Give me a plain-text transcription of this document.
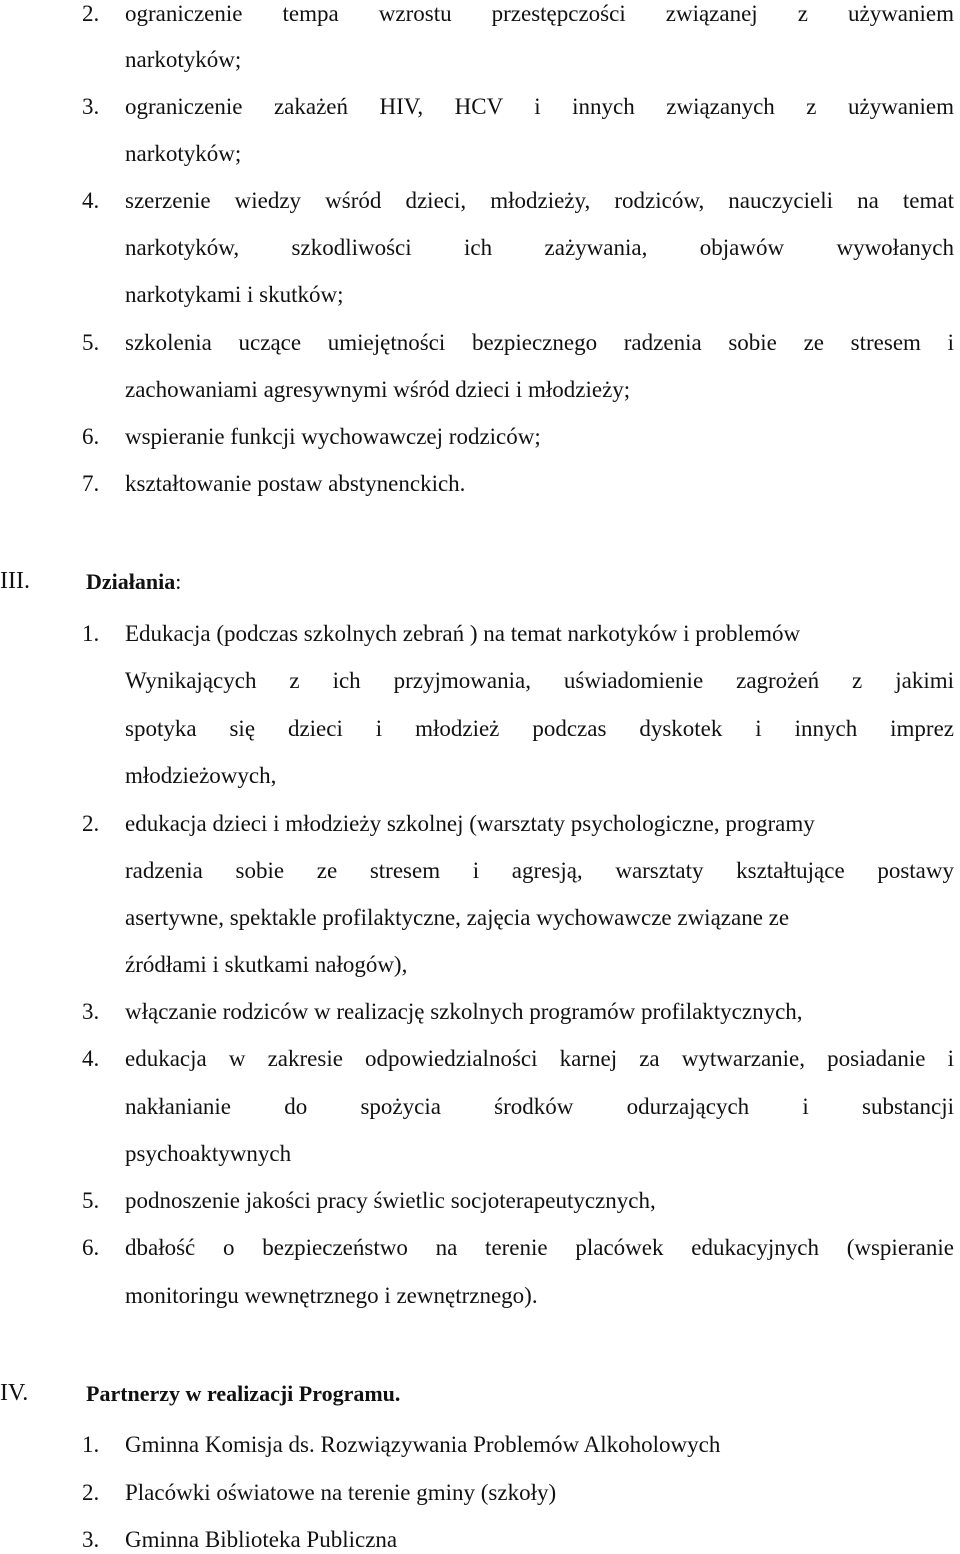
2.	ograniczenie tempa wzrostu przestępczości związanej z używaniem
narkotyków;
3.	ograniczenie zakażeń HIV, HCV i innych związanych z używaniem
narkotyków;
4.	szerzenie wiedzy wśród dzieci, młodzieży, rodziców, nauczycieli na temat
narkotyków, szkodliwości ich zażywania, objawów wywołanych
narkotykami i skutków;
5.	szkolenia uczące umiejętności bezpiecznego radzenia sobie ze stresem i
zachowaniami agresywnymi wśród dzieci i młodzieży;
6.	wspieranie funkcji wychowawczej rodziców;
7.	kształtowanie postaw abstynenckich.
III.	Działania:
1.	Edukacja (podczas szkolnych zebrań ) na temat narkotyków i problemów
Wynikających z ich przyjmowania, uświadomienie zagrożeń z jakimi
spotyka się dzieci i młodzież podczas dyskotek i innych imprez
młodzieżowych,
2.	edukacja dzieci i młodzieży szkolnej (warsztaty psychologiczne, programy
radzenia sobie ze stresem i agresją, warsztaty kształtujące postawy
asertywne, spektakle profilaktyczne, zajęcia wychowawcze związane ze
źródłami i skutkami nałogów),
3.	włączanie rodziców w realizację szkolnych programów profilaktycznych,
4.	edukacja w zakresie odpowiedzialności karnej za wytwarzanie, posiadanie i
nakłanianie do spożycia środków odurzających i substancji
psychoaktywnych
5.	podnoszenie jakości pracy świetlic socjoterapeutycznych,
6.	dbałość o bezpieczeństwo na terenie placówek edukacyjnych (wspieranie
monitoringu wewnętrznego i zewnętrznego).
IV.	Partnerzy w realizacji Programu.
1.	Gminna Komisja ds. Rozwiązywania Problemów Alkoholowych
2.	Placówki oświatowe na terenie gminy (szkoły)
3.	Gminna Biblioteka Publiczna
